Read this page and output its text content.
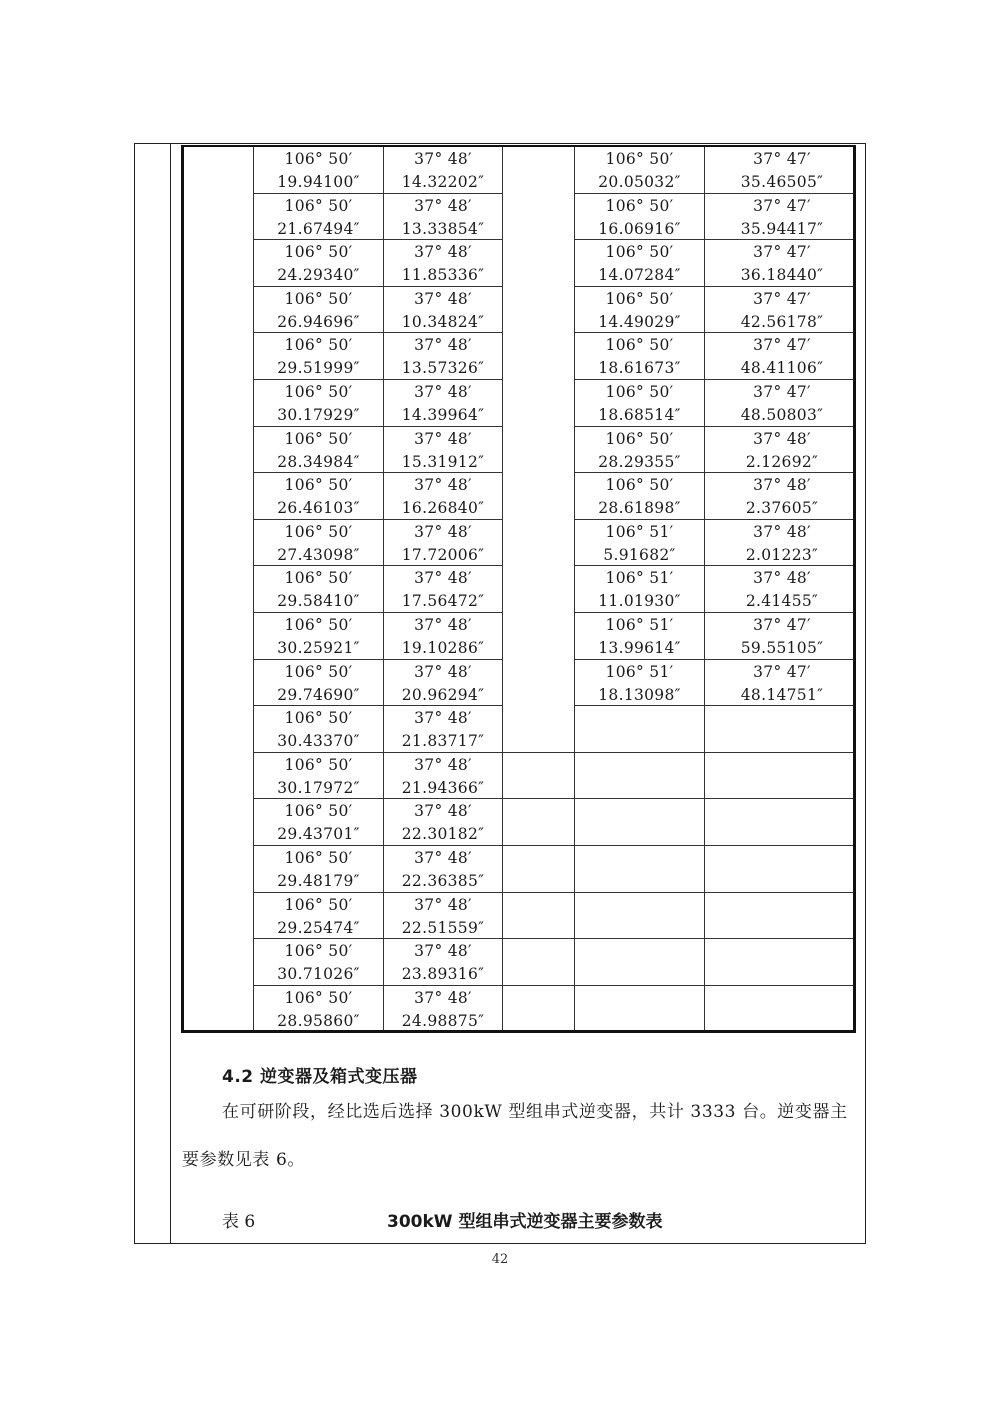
106° 50′
19.94100″
37° 48′
14.32202″
106° 50′
20.05032″
37° 47′
35.46505″
106° 50′
21.67494″
37° 48′
13.33854″
106° 50′
16.06916″
37° 47′
35.94417″
106° 50′
24.29340″
37° 48′
11.85336″
106° 50′
14.07284″
37° 47′
36.18440″
106° 50′
26.94696″
37° 48′
10.34824″
106° 50′
14.49029″
37° 47′
42.56178″
106° 50′
29.51999″
37° 48′
13.57326″
106° 50′
18.61673″
37° 47′
48.41106″
106° 50′
30.17929″
37° 48′
14.39964″
106° 50′
18.68514″
37° 47′
48.50803″
106° 50′
28.34984″
37° 48′
15.31912″
106° 50′
28.29355″
37° 48′
2.12692″
106° 50′
26.46103″
37° 48′
16.26840″
106° 50′
28.61898″
37° 48′
2.37605″
106° 50′
27.43098″
37° 48′
17.72006″
106° 51′
5.91682″
37° 48′
2.01223″
106° 50′
29.58410″
37° 48′
17.56472″
106° 51′
11.01930″
37° 48′
2.41455″
106° 50′
30.25921″
37° 48′
19.10286″
106° 51′
13.99614″
37° 47′
59.55105″
106° 50′
29.74690″
37° 48′
20.96294″
106° 51′
18.13098″
37° 47′
48.14751″
106° 50′
30.43370″
37° 48′
21.83717″
106° 50′
30.17972″
37° 48′
21.94366″
106° 50′
29.43701″
37° 48′
22.30182″
106° 50′
29.48179″
37° 48′
22.36385″
106° 50′
29.25474″
37° 48′
22.51559″
106° 50′
30.71026″
37° 48′
23.89316″
106° 50′
28.95860″
37° 48′
24.98875″
4.2 逆变器及箱式变压器
在可研阶段，经比选后选择 300kW 型组串式逆变器，共计 3333 台。逆变器主要参数见表 6。
表 6	300kW 型组串式逆变器主要参数表
42
